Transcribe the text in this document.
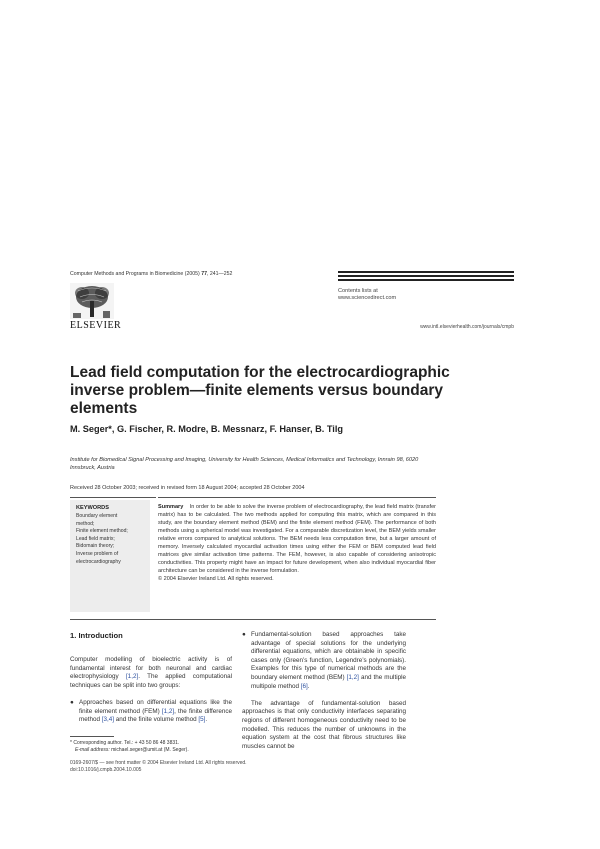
Computer Methods and Programs in Biomedicine (2005) 77, 241—252
ELSEVIER
Contents lists at
www.sciencedirect.com
www.intl.elsevierhealth.com/journals/cmpb
Lead field computation for the electrocardiographic inverse problem—finite elements versus boundary elements
M. Seger*, G. Fischer, R. Modre, B. Messnarz, F. Hanser, B. Tilg
Institute for Biomedical Signal Processing and Imaging, University for Health Sciences, Medical Informatics and Technology, Innrain 98, 6020 Innsbruck, Austria
Received 28 October 2003; received in revised form 18 August 2004; accepted 28 October 2004
KEYWORDS
Boundary element
method;
Finite element method;
Lead field matrix;
Bidomain theory;
Inverse problem of
electrocardiography
Summary In order to be able to solve the inverse problem of electrocardiography, the lead field matrix (transfer matrix) has to be calculated. The two methods applied for computing this matrix, which are compared in this study, are the boundary element method (BEM) and the finite element method (FEM). The performance of both methods using a spherical model was investigated. For a comparable discretization level, the BEM yields smaller relative errors compared to analytical solutions. The BEM needs less computation time, but a larger amount of memory. Inversely calculated myocardial activation times using either the FEM or BEM computed lead field matrices give similar activation time patterns. The FEM, however, is also capable of considering anisotropic conductivities. This property might have an impact for future development, when also individual myocardial fiber architecture can be considered in the inverse formulation.
© 2004 Elsevier Ireland Ltd. All rights reserved.
1. Introduction

Computer modelling of bioelectric activity is of fundamental interest for both neuronal and cardiac electrophysiology [1,2]. The applied computational techniques can be split into two groups:

● Approaches based on differential equations like the finite element method (FEM) [1,2], the finite difference method [3,4] and the finite volume method [5].
● Fundamental-solution based approaches take advantage of special solutions for the underlying differential equations, which are obtainable in specific cases only (Green’s function, Legendre’s polynomials). Examples for this type of numerical methods are the boundary element method (BEM) [1,2] and the multiple multipole method [6].

The advantage of fundamental-solution based approaches is that only conductivity interfaces separating regions of different homogeneous conductivity need to be modelled. This reduces the number of unknowns in the equation system at the cost that fibrous structures like muscles cannot be

* Corresponding author. Tel.: + 43 50 86 48 3831.
E-mail address: michael.seger@umit.at (M. Seger).
0169-2607/$ — see front matter © 2004 Elsevier Ireland Ltd. All rights reserved.
doi:10.1016/j.cmpb.2004.10.005
